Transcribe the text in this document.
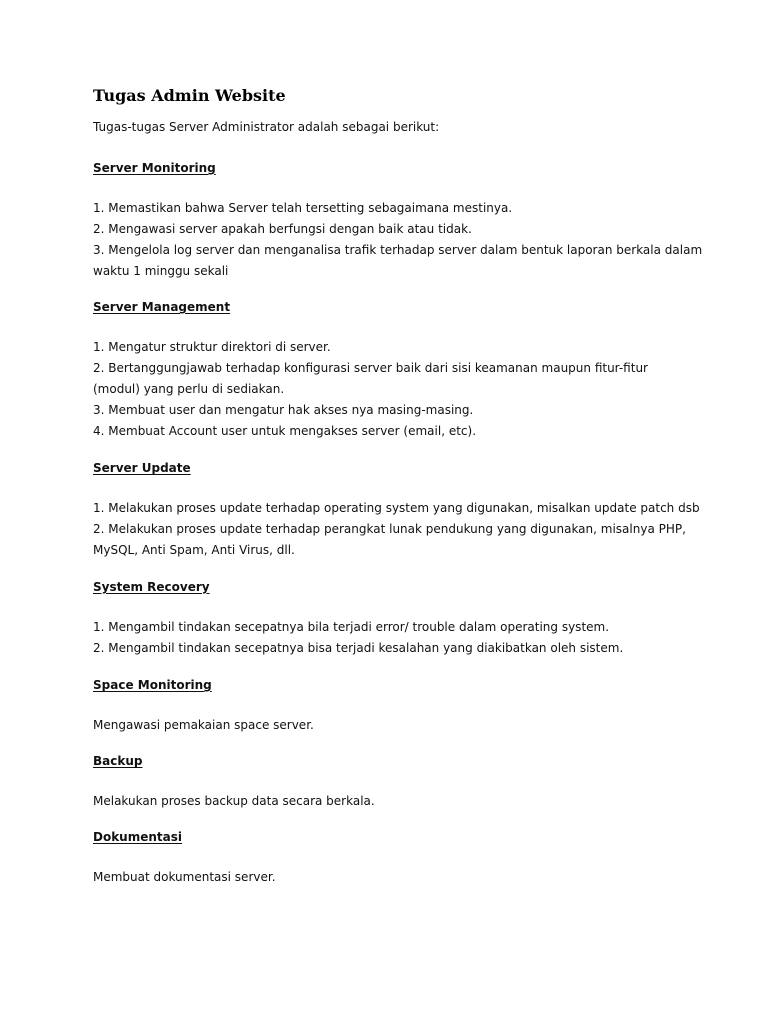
Tugas Admin Website

Tugas-tugas Server Administrator adalah sebagai berikut:

Server Monitoring

1. Memastikan bahwa Server telah tersetting sebagaimana mestinya.

2. Mengawasi server apakah berfungsi dengan baik atau tidak.

3. Mengelola log server dan menganalisa trafik terhadap server dalam bentuk laporan berkala dalam

waktu 1 minggu sekali

Server Management

1. Mengatur struktur direktori di server.

2. Bertanggungjawab terhadap konfigurasi server baik dari sisi keamanan maupun fitur-fitur

(modul) yang perlu di sediakan.

3. Membuat user dan mengatur hak akses nya masing-masing.

4. Membuat Account user untuk mengakses server (email, etc).

Server Update

1. Melakukan proses update terhadap operating system yang digunakan, misalkan update patch dsb

2. Melakukan proses update terhadap perangkat lunak pendukung yang digunakan, misalnya PHP,

MySQL, Anti Spam, Anti Virus, dll.

System Recovery

1. Mengambil tindakan secepatnya bila terjadi error/ trouble dalam operating system.

2. Mengambil tindakan secepatnya bisa terjadi kesalahan yang diakibatkan oleh sistem.

Space Monitoring

Mengawasi pemakaian space server.

Backup

Melakukan proses backup data secara berkala.

Dokumentasi

Membuat dokumentasi server.
